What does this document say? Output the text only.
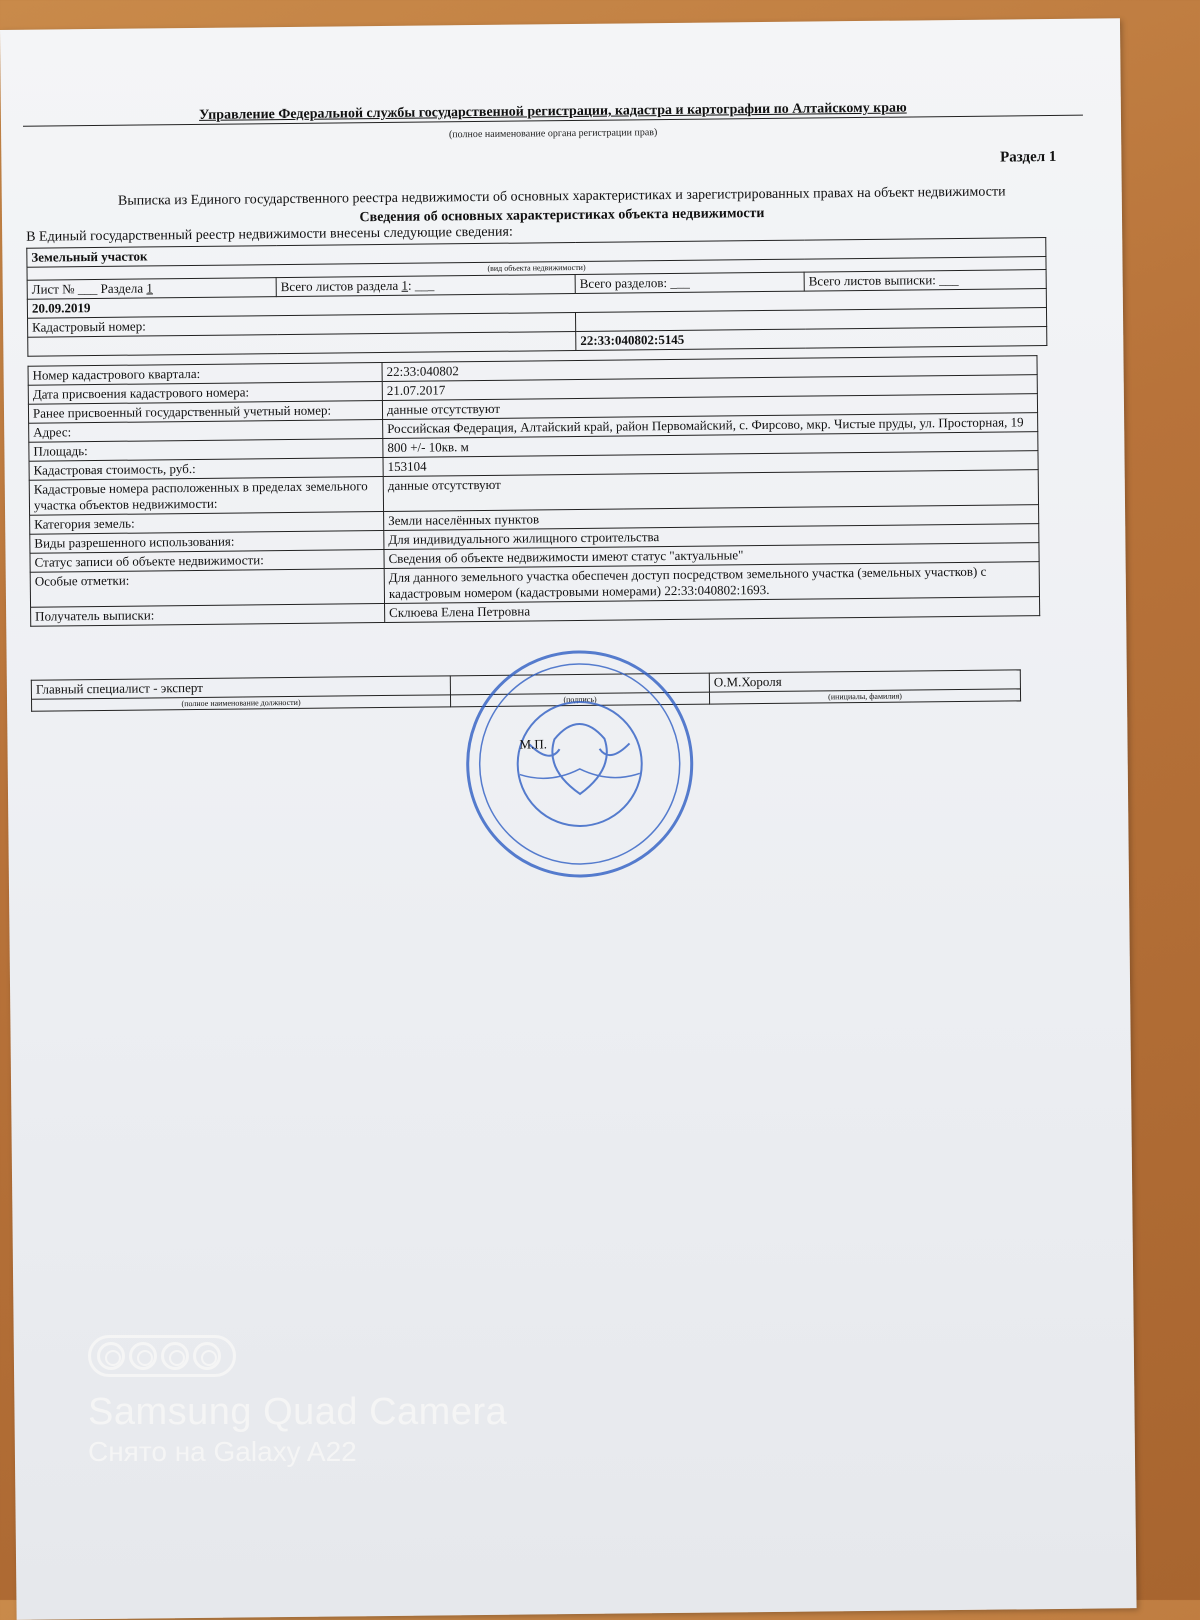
Управление Федеральной службы государственной регистрации, кадастра и картографии по Алтайскому краю
(полное наименование органа регистрации прав)
Раздел 1
Выписка из Единого государственного реестра недвижимости об основных характеристиках и зарегистрированных правах на объект недвижимости
Сведения об основных характеристиках объекта недвижимости
В Единый государственный реестр недвижимости внесены следующие сведения:
Земельный участок			
(вид объекта недвижимости)			
Лист № ___ Раздела 1	Всего листов раздела 1: ___	Всего разделов: ___	Всего листов выписки: ___
20.09.2019			
Кадастровый номер:			
		22:33:040802:5145	
Номер кадастрового квартала:	22:33:040802
Дата присвоения кадастрового номера:	21.07.2017
Ранее присвоенный государственный учетный номер:	данные отсутствуют
Адрес:	Российская Федерация, Алтайский край, район Первомайский, с. Фирсово, мкр. Чистые пруды, ул. Просторная, 19
Площадь:	800 +/- 10кв. м
Кадастровая стоимость, руб.:	153104
Кадастровые номера расположенных в пределах земельного участка объектов недвижимости:	данные отсутствуют
Категория земель:	Земли населённых пунктов
Виды разрешенного использования:	Для индивидуального жилищного строительства
Статус записи об объекте недвижимости:	Сведения об объекте недвижимости имеют статус "актуальные"
Особые отметки:	Для данного земельного участка обеспечен доступ посредством земельного участка (земельных участков) с кадастровым номером (кадастровыми номерами) 22:33:040802:1693.
Получатель выписки:	Склюева Елена Петровна
Главный специалист - эксперт		О.М.Хороля
(полное наименование должности)	(подпись)	(инициалы, фамилия)
М.П.
Samsung Quad Camera
Снято на Galaxy A22
